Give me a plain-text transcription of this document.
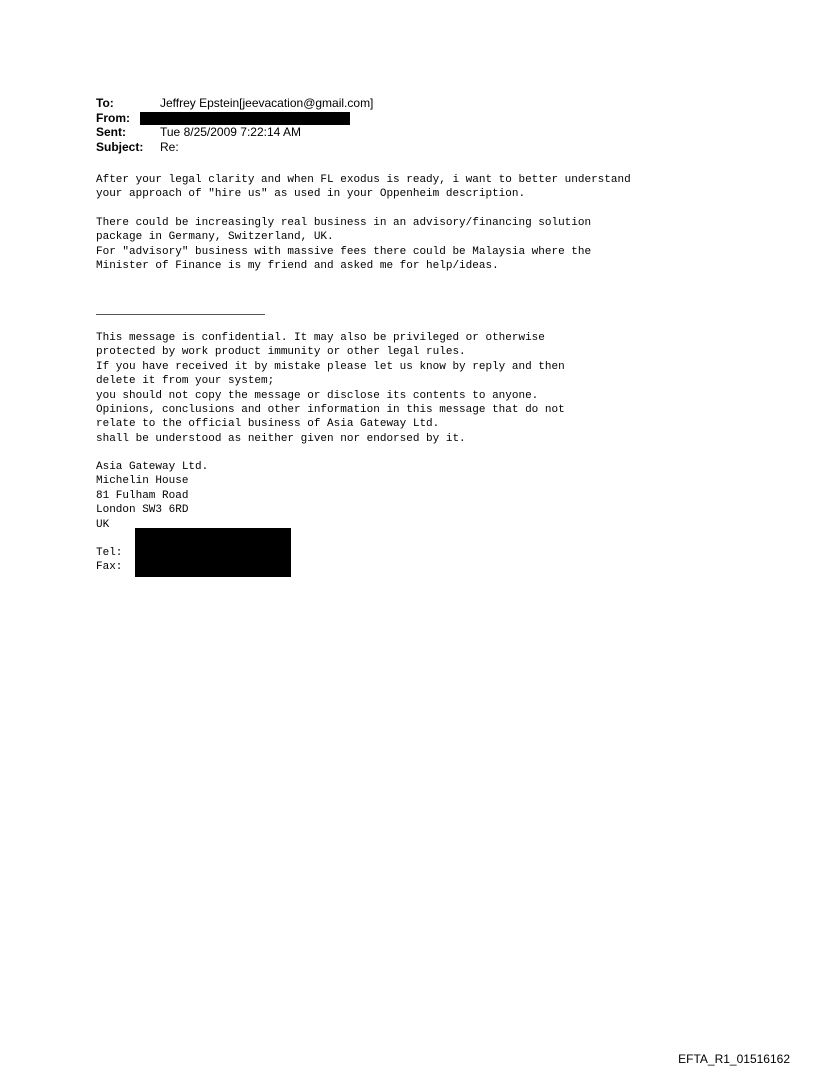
To:	Jeffrey Epstein[jeevacation@gmail.com]
From:
Sent:	Tue 8/25/2009 7:22:14 AM
Subject:	Re:
After your legal clarity and when FL exodus is ready, i want to better understand
your approach of "hire us" as used in your Oppenheim description.
There could be increasingly real business in an advisory/financing solution
package in Germany, Switzerland, UK.
For "advisory" business with massive fees there could be Malaysia where the
Minister of Finance is my friend and asked me for help/ideas.
This message is confidential. It may also be privileged or otherwise
protected by work product immunity or other legal rules.
If you have received it by mistake please let us know by reply and then
delete it from your system;
you should not copy the message or disclose its contents to anyone.
Opinions, conclusions and other information in this message that do not
relate to the official business of Asia Gateway Ltd.
shall be understood as neither given nor endorsed by it.
Asia Gateway Ltd.
Michelin House
81 Fulham Road
London SW3 6RD
UK
Tel:
Fax:
EFTA_R1_01516162
